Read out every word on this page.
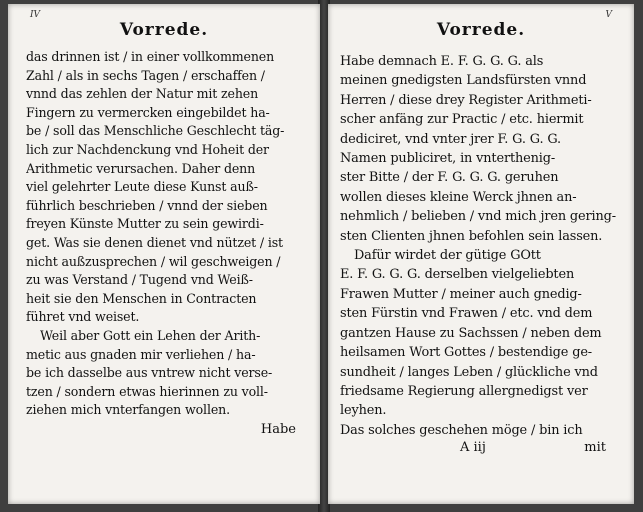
IV
Vorrede.
das drinnen ist / in einer vollkommenen
Zahl / als in sechs Tagen / erschaffen /
vnnd das zehlen der Natur mit zehen
Fingern zu vermercken eingebildet ha-
be / soll das Menschliche Geschlecht täg-
lich zur Nachdenckung vnd Hoheit der
Arithmetic verursachen. Daher denn
viel gelehrter Leute diese Kunst auß-
führlich beschrieben / vnnd der sieben
freyen Künste Mutter zu sein gewirdi-
get. Was sie denen dienet vnd nützet / ist
nicht außzusprechen / wil geschweigen /
zu was Verstand / Tugend vnd Weiß-
heit sie den Menschen in Contracten
führet vnd weiset.
Weil aber Gott ein Lehen der Arith-
metic aus gnaden mir verliehen / ha-
be ich dasselbe aus vntrew nicht verse-
tzen / sondern etwas hierinnen zu voll-
ziehen mich vnterfangen wollen.
Habe
V
Vorrede.
Habe demnach E. F. G. G. G. als
meinen gnedigsten Landsfürsten vnnd
Herren / diese drey Register Arithmeti-
scher anfäng zur Practic / etc. hiermit
dediciret, vnd vnter jrer F. G. G. G.
Namen publiciret, in vnterthenig-
ster Bitte / der F. G. G. G. geruhen
wollen dieses kleine Werck jhnen an-
nehmlich / belieben / vnd mich jren gering-
sten Clienten jhnen befohlen sein lassen.
Dafür wirdet der gütige GOtt
E. F. G. G. G. derselben vielgeliebten
Frawen Mutter / meiner auch gnedig-
sten Fürstin vnd Frawen / etc. vnd dem
gantzen Hause zu Sachssen / neben dem
heilsamen Wort Gottes / bestendige ge-
sundheit / langes Leben / glückliche vnd
friedsame Regierung allergnedigst ver
leyhen.
Das solches geschehen möge / bin ich
A iij	mit
